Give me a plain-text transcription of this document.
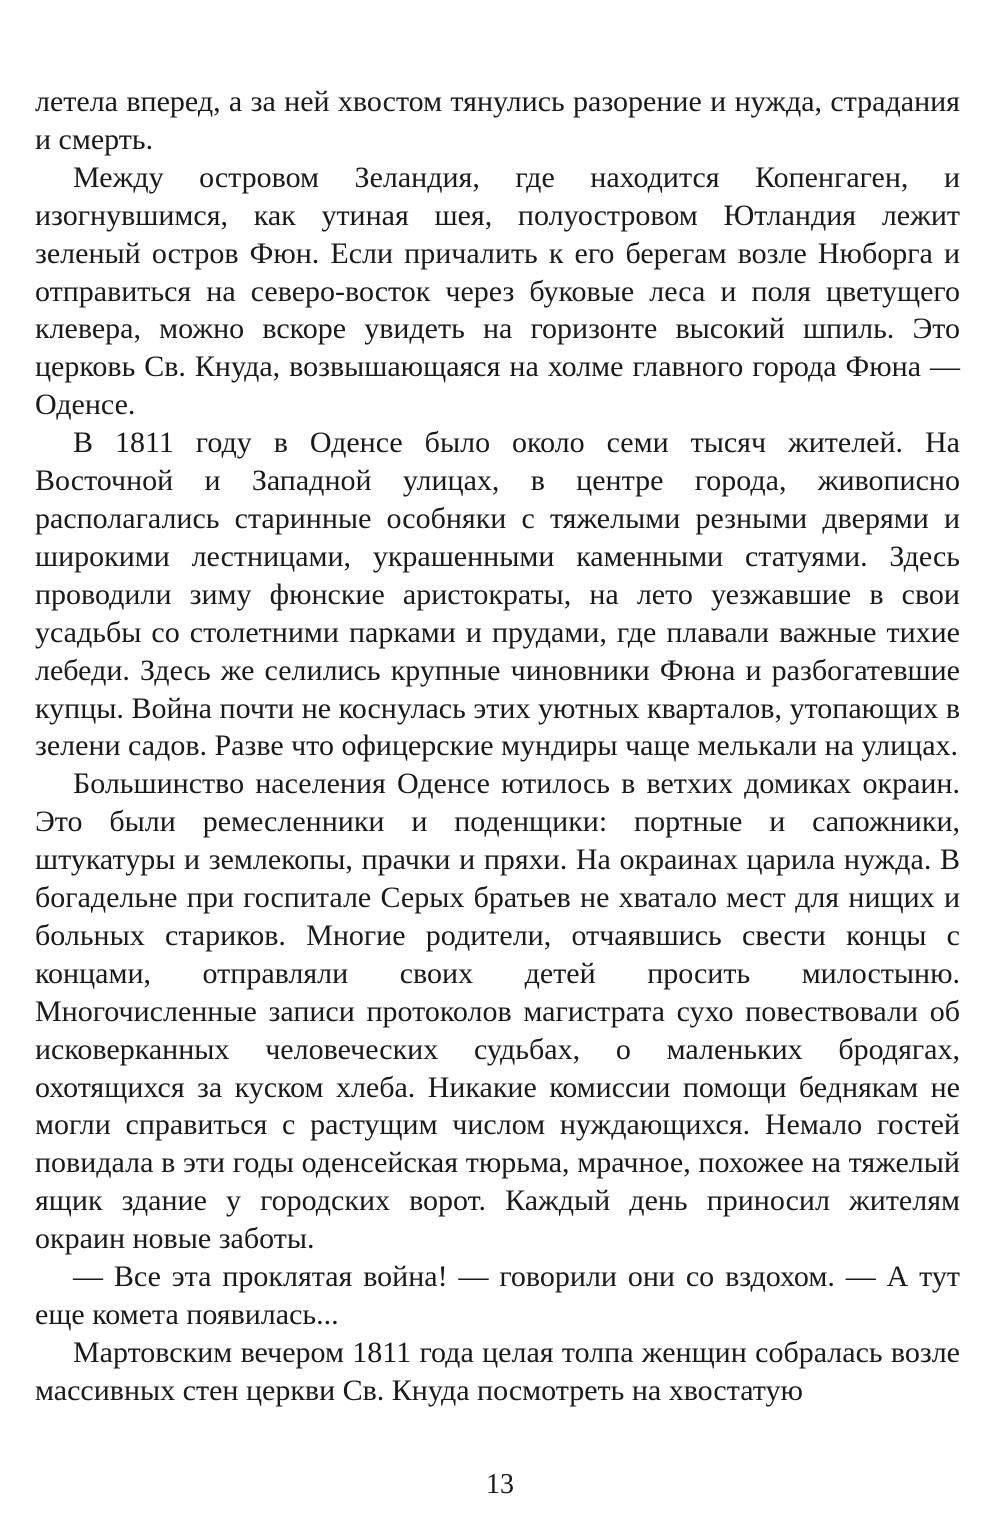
летела вперед, а за ней хвостом тянулись разорение и нужда, страдания и смерть.

Между островом Зеландия, где находится Копенгаген, и изогнувшимся, как утиная шея, полуостровом Ютландия лежит зеленый остров Фюн. Если причалить к его берегам возле Нюборга и отправиться на северо-восток через буковые леса и поля цветущего клевера, можно вскоре увидеть на горизонте высокий шпиль. Это церковь Св. Кнуда, возвышающаяся на холме главного города Фюна — Оденсе.

В 1811 году в Оденсе было около семи тысяч жителей. На Восточной и Западной улицах, в центре города, живописно располагались старинные особняки с тяжелыми резными дверями и широкими лестницами, украшенными каменными статуями. Здесь проводили зиму фюнские аристократы, на лето уезжавшие в свои усадьбы со столетними парками и прудами, где плавали важные тихие лебеди. Здесь же селились крупные чиновники Фюна и разбогатевшие купцы. Война почти не коснулась этих уютных кварталов, утопающих в зелени садов. Разве что офицерские мундиры чаще мелькали на улицах.

Большинство населения Оденсе ютилось в ветхих домиках окраин. Это были ремесленники и поденщики: портные и сапожники, штукатуры и землекопы, прачки и пряхи. На окраинах царила нужда. В богадельне при госпитале Серых братьев не хватало мест для нищих и больных стариков. Многие родители, отчаявшись свести концы с концами, отправляли своих детей просить милостыню. Многочисленные записи протоколов магистрата сухо повествовали об исковерканных человеческих судьбах, о маленьких бродягах, охотящихся за куском хлеба. Никакие комиссии помощи беднякам не могли справиться с растущим числом нуждающихся. Немало гостей повидала в эти годы оденсейская тюрьма, мрачное, похожее на тяжелый ящик здание у городских ворот. Каждый день приносил жителям окраин новые заботы.

— Все эта проклятая война! — говорили они со вздохом. — А тут еще комета появилась...

Мартовским вечером 1811 года целая толпа женщин собралась возле массивных стен церкви Св. Кнуда посмотреть на хвостатую

13
